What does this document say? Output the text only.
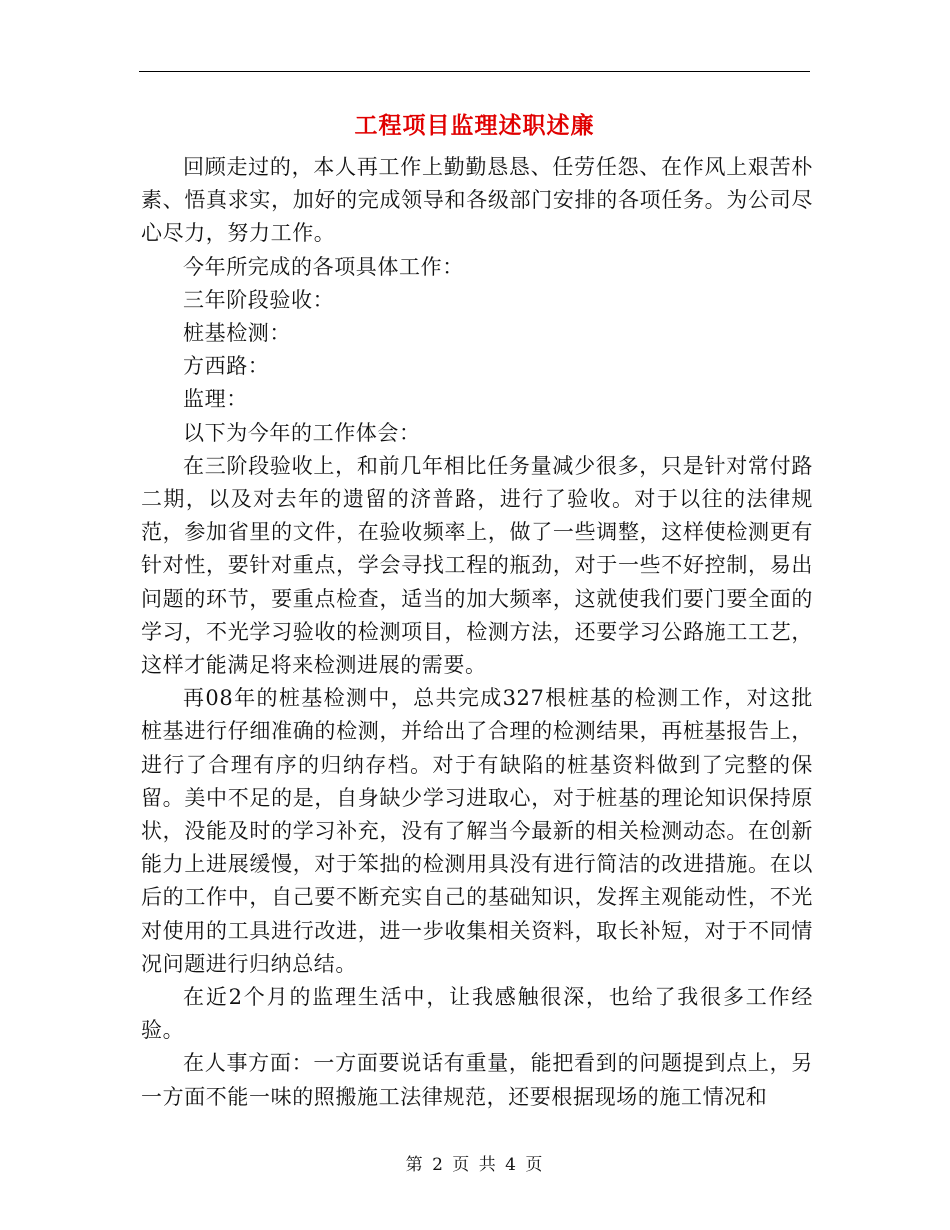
工程项目监理述职述廉

回顾走过的，本人再工作上勤勤恳恳、任劳任怨、在作风上艰苦朴素、悟真求实，加好的完成领导和各级部门安排的各项任务。为公司尽心尽力，努力工作。

今年所完成的各项具体工作：

三年阶段验收：

桩基检测：

方西路：

监理：

以下为今年的工作体会：

在三阶段验收上，和前几年相比任务量减少很多，只是针对常付路二期，以及对去年的遗留的济普路，进行了验收。对于以往的法律规范，参加省里的文件，在验收频率上，做了一些调整，这样使检测更有针对性，要针对重点，学会寻找工程的瓶劲，对于一些不好控制，易出问题的环节，要重点检查，适当的加大频率，这就使我们要门要全面的学习，不光学习验收的检测项目，检测方法，还要学习公路施工工艺，这样才能满足将来检测进展的需要。

再08年的桩基检测中，总共完成327根桩基的检测工作，对这批桩基进行仔细准确的检测，并给出了合理的检测结果，再桩基报告上，进行了合理有序的归纳存档。对于有缺陷的桩基资料做到了完整的保留。美中不足的是，自身缺少学习进取心，对于桩基的理论知识保持原状，没能及时的学习补充，没有了解当今最新的相关检测动态。在创新能力上进展缓慢，对于笨拙的检测用具没有进行简洁的改进措施。在以后的工作中，自己要不断充实自己的基础知识，发挥主观能动性，不光对使用的工具进行改进，进一步收集相关资料，取长补短，对于不同情况问题进行归纳总结。

在近2个月的监理生活中，让我感触很深，也给了我很多工作经验。

在人事方面：一方面要说话有重量，能把看到的问题提到点上，另一方面不能一味的照搬施工法律规范，还要根据现场的施工情况和

第 2 页 共 4 页
